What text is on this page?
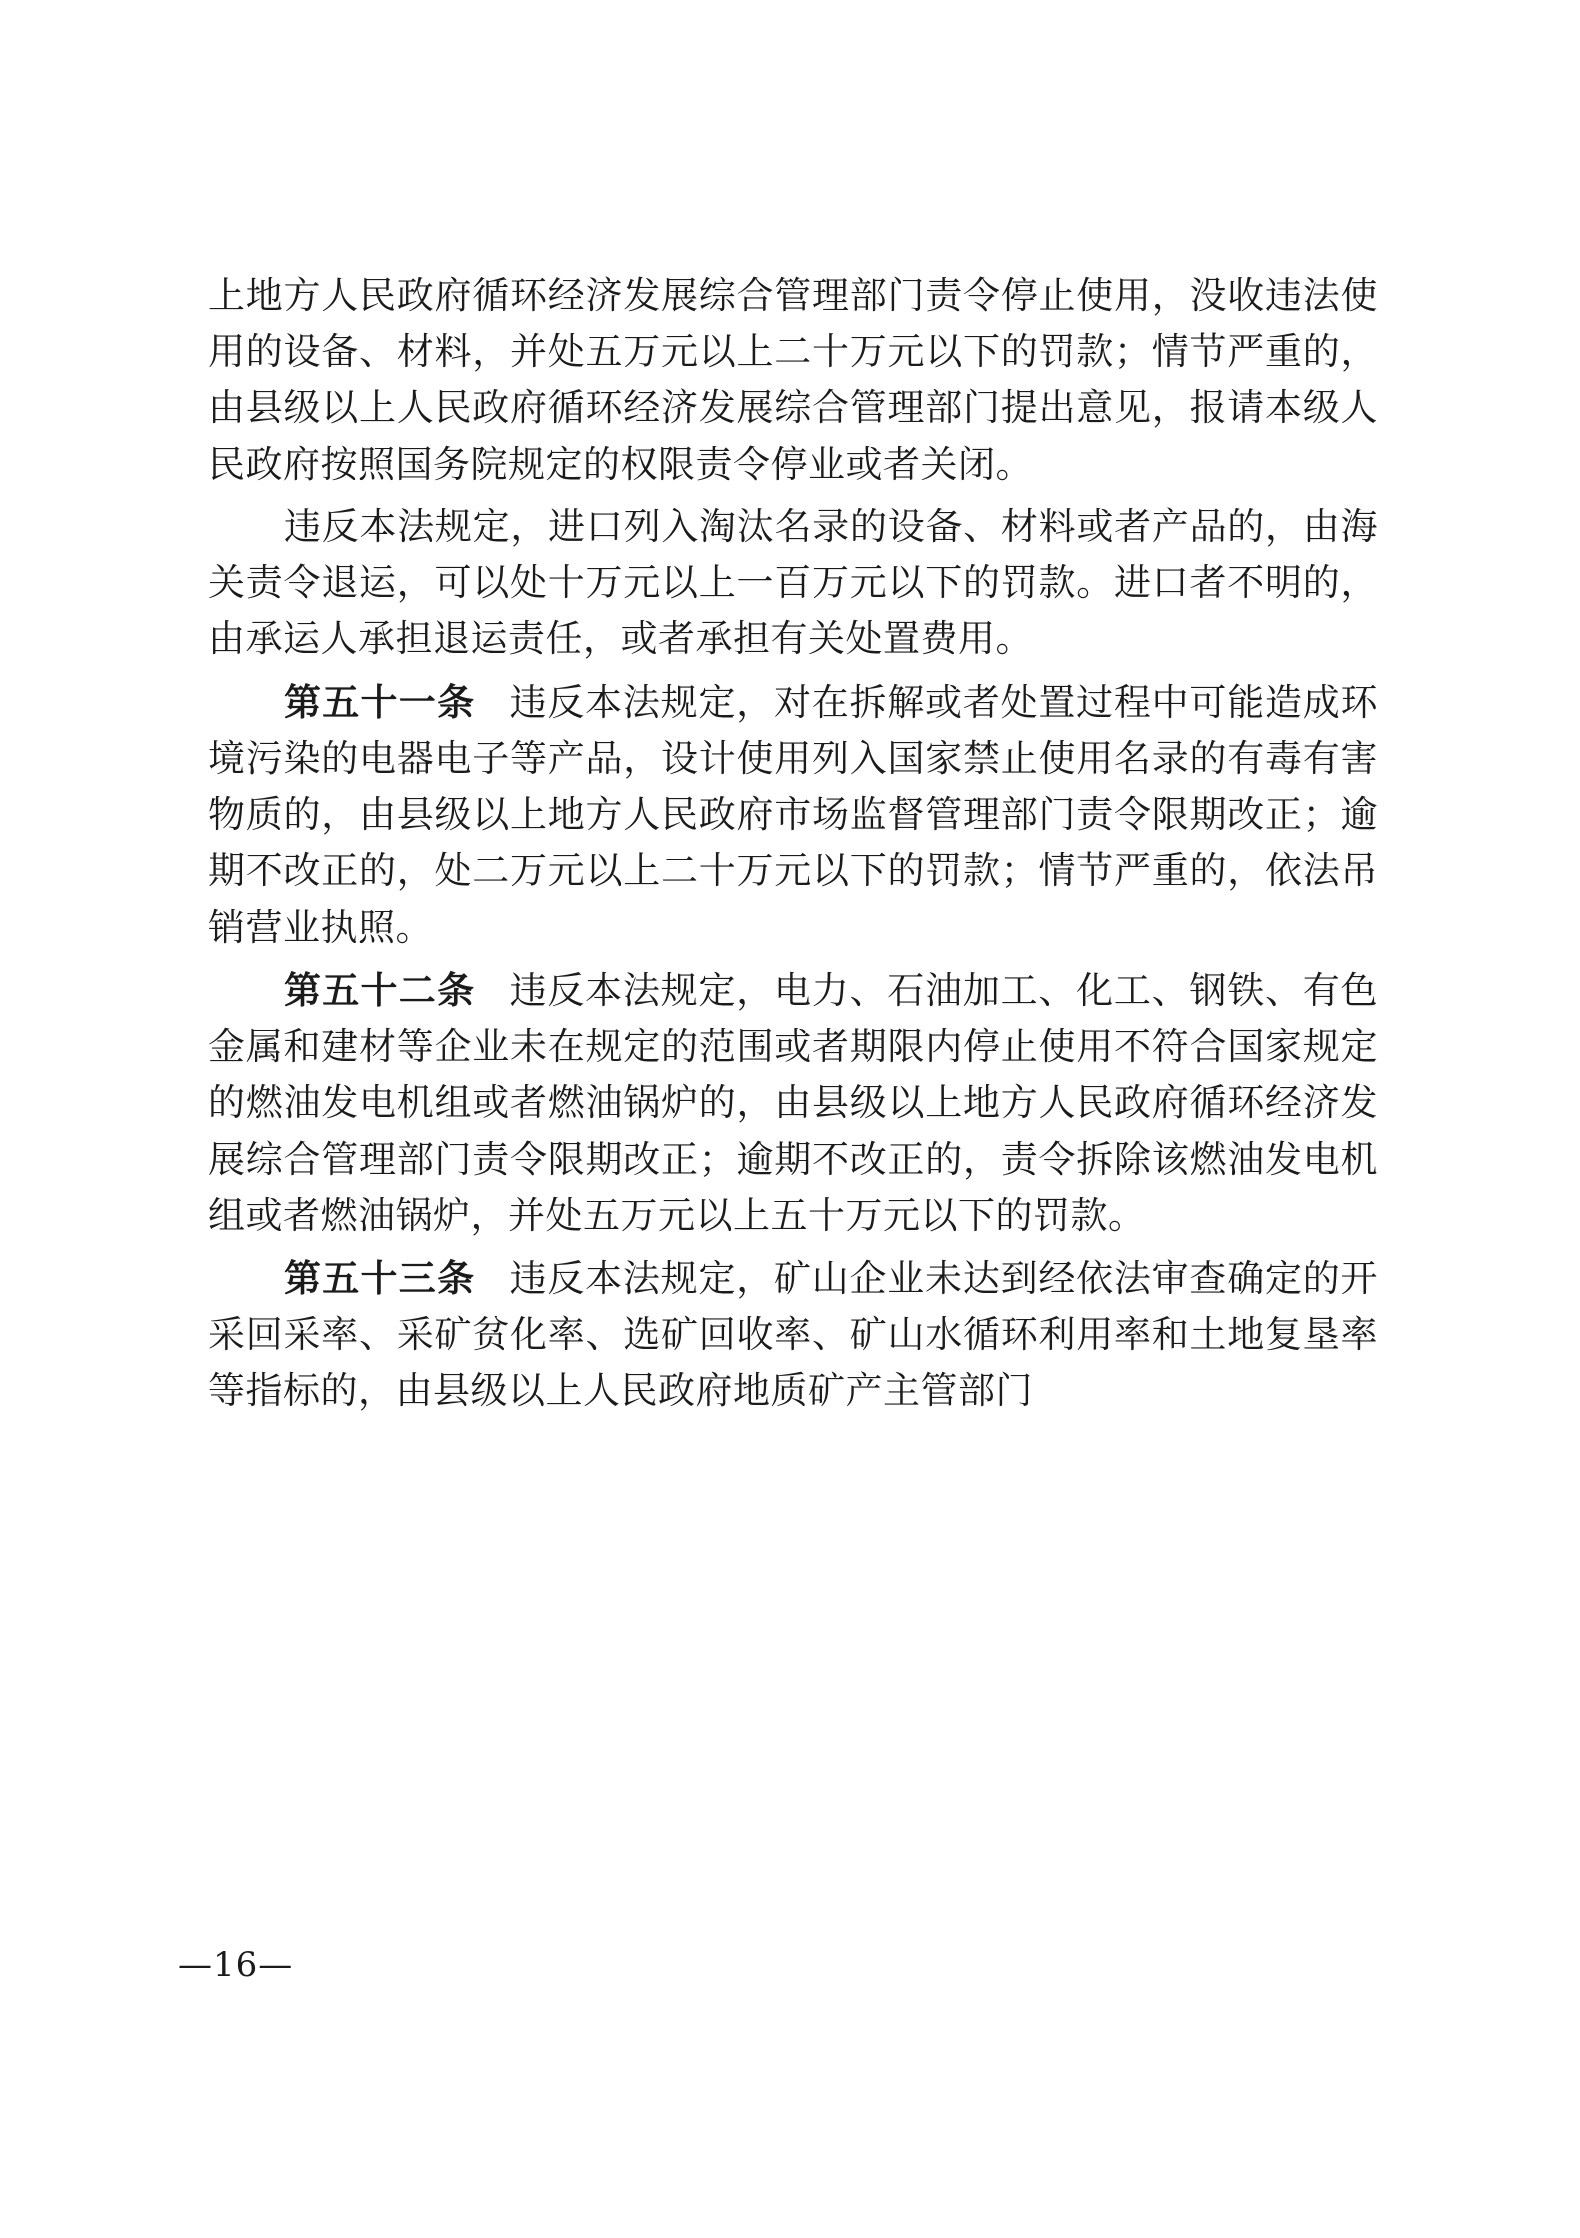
上地方人民政府循环经济发展综合管理部门责令停止使用，没收违法使用的设备、材料，并处五万元以上二十万元以下的罚款；情节严重的，由县级以上人民政府循环经济发展综合管理部门提出意见，报请本级人民政府按照国务院规定的权限责令停业或者关闭。

违反本法规定，进口列入淘汰名录的设备、材料或者产品的，由海关责令退运，可以处十万元以上一百万元以下的罚款。进口者不明的，由承运人承担退运责任，或者承担有关处置费用。

第五十一条 违反本法规定，对在拆解或者处置过程中可能造成环境污染的电器电子等产品，设计使用列入国家禁止使用名录的有毒有害物质的，由县级以上地方人民政府市场监督管理部门责令限期改正；逾期不改正的，处二万元以上二十万元以下的罚款；情节严重的，依法吊销营业执照。

第五十二条 违反本法规定，电力、石油加工、化工、钢铁、有色金属和建材等企业未在规定的范围或者期限内停止使用不符合国家规定的燃油发电机组或者燃油锅炉的，由县级以上地方人民政府循环经济发展综合管理部门责令限期改正；逾期不改正的，责令拆除该燃油发电机组或者燃油锅炉，并处五万元以上五十万元以下的罚款。

第五十三条 违反本法规定，矿山企业未达到经依法审查确定的开采回采率、采矿贫化率、选矿回收率、矿山水循环利用率和土地复垦率等指标的，由县级以上人民政府地质矿产主管部门

—16—
